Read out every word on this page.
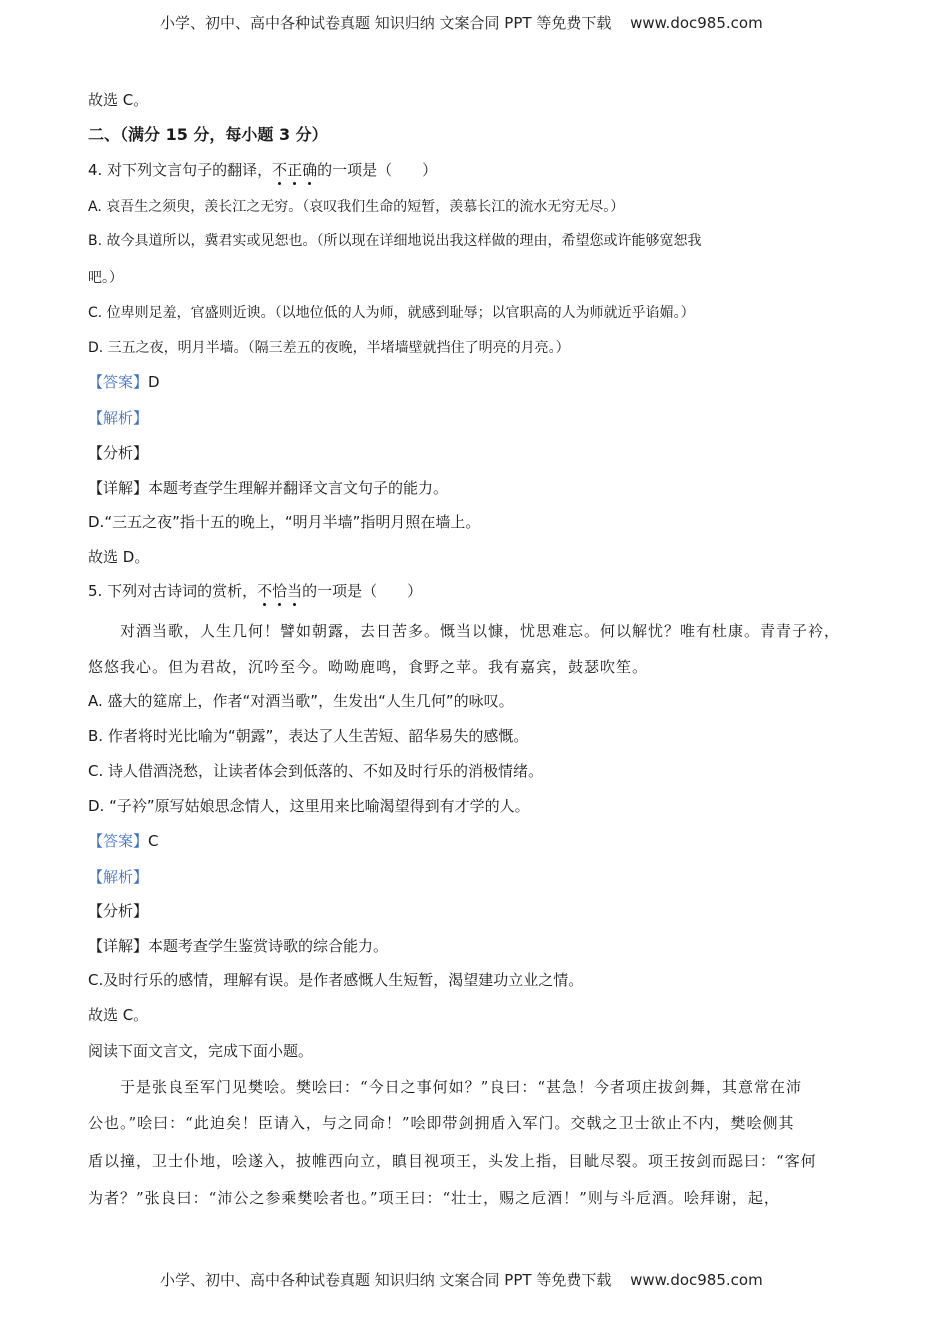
小学、初中、高中各种试卷真题 知识归纳 文案合同 PPT 等免费下载 www.doc985.com
故选 C。
二、（满分 15 分，每小题 3 分）
4. 对下列文言句子的翻译，不正确的一项是（　　）
A. 哀吾生之须臾，羡长江之无穷。（哀叹我们生命的短暂，羡慕长江的流水无穷无尽。）
B. 故今具道所以，冀君实或见恕也。（所以现在详细地说出我这样做的理由，希望您或许能够宽恕我
吧。）
C. 位卑则足羞，官盛则近谀。（以地位低的人为师，就感到耻辱；以官职高的人为师就近乎谄媚。）
D. 三五之夜，明月半墙。（隔三差五的夜晚，半堵墙壁就挡住了明亮的月亮。）
【答案】D
【解析】
【分析】
【详解】本题考查学生理解并翻译文言文句子的能力。
D.“三五之夜”指十五的晚上，“明月半墙”指明月照在墙上。
故选 D。
5. 下列对古诗词的赏析，不恰当的一项是（　　）
对酒当歌，人生几何！譬如朝露，去日苦多。慨当以慷，忧思难忘。何以解忧？唯有杜康。青青子衿，
悠悠我心。但为君故，沉吟至今。呦呦鹿鸣，食野之苹。我有嘉宾，鼓瑟吹笙。
A. 盛大的筵席上，作者“对酒当歌”，生发出“人生几何”的咏叹。
B. 作者将时光比喻为“朝露”，表达了人生苦短、韶华易失的感慨。
C. 诗人借酒浇愁，让读者体会到低落的、不如及时行乐的消极情绪。
D. “子衿”原写姑娘思念情人，这里用来比喻渴望得到有才学的人。
【答案】C
【解析】
【分析】
【详解】本题考查学生鉴赏诗歌的综合能力。
C.及时行乐的感情，理解有误。是作者感慨人生短暂，渴望建功立业之情。
故选 C。
阅读下面文言文，完成下面小题。
于是张良至军门见樊哙。樊哙曰：“今日之事何如？”良曰：“甚急！今者项庄拔剑舞，其意常在沛
公也。”哙曰：“此迫矣！臣请入，与之同命！”哙即带剑拥盾入军门。交戟之卫士欲止不内，樊哙侧其
盾以撞，卫士仆地，哙遂入，披帷西向立，瞋目视项王，头发上指，目眦尽裂。项王按剑而跽曰：“客何
为者？”张良曰：“沛公之参乘樊哙者也。”项王曰：“壮士，赐之卮酒！”则与斗卮酒。哙拜谢，起，
小学、初中、高中各种试卷真题 知识归纳 文案合同 PPT 等免费下载 www.doc985.com
